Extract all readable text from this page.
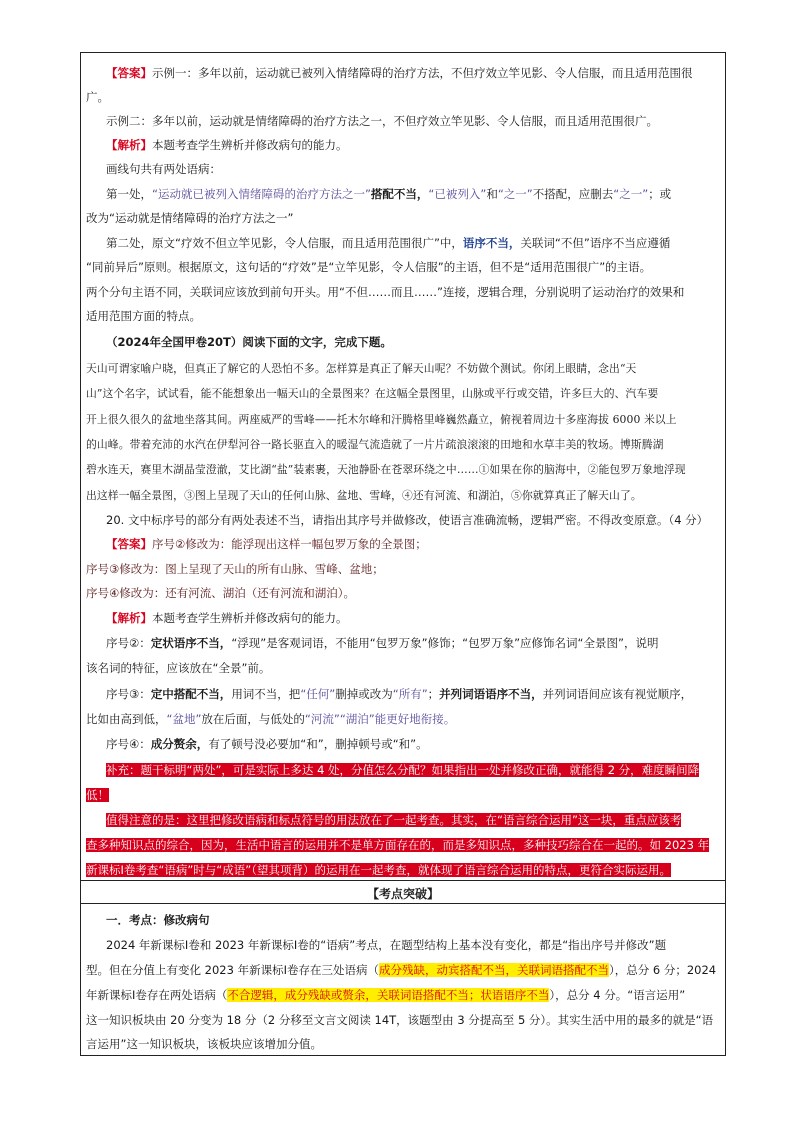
【答案】示例一：多年以前，运动就已被列入情绪障碍的治疗方法，不但疗效立竿见影、令人信服，而且适用范围很
广。
示例二：多年以前，运动就是情绪障碍的治疗方法之一，不但疗效立竿见影、令人信服，而且适用范围很广。
【解析】本题考查学生辨析并修改病句的能力。
画线句共有两处语病：
第一处，“运动就已被列入情绪障碍的治疗方法之一”搭配不当，“已被列入”和“之一”不搭配，应删去“之一”；或
改为“运动就是情绪障碍的治疗方法之一”
第二处，原文“疗效不但立竿见影，令人信服，而且适用范围很广”中，语序不当，关联词“不但”语序不当应遵循
“同前异后”原则。根据原文，这句话的“疗效”是“立竿见影，令人信服”的主语，但不是“适用范围很广”的主语。
两个分句主语不同，关联词应该放到前句开头。用“不但……而且……”连接，逻辑合理，分别说明了运动治疗的效果和
适用范围方面的特点。
（2024年全国甲卷20T）阅读下面的文字，完成下题。
天山可谓家喻户晓，但真正了解它的人恐怕不多。怎样算是真正了解天山呢？不妨做个测试。你闭上眼睛，念出“天
山”这个名字，试试看，能不能想象出一幅天山的全景图来？在这幅全景图里，山脉或平行或交错，许多巨大的、汽车要
开上很久很久的盆地坐落其间。两座威严的雪峰——托木尔峰和汗腾格里峰巍然矗立，俯视着周边十多座海拔 6000 米以上
的山峰。带着充沛的水汽在伊犁河谷一路长驱直入的暖湿气流造就了一片片疏浪滚滚的田地和水草丰美的牧场。博斯腾湖
碧水连天，赛里木湖晶莹澄澈，艾比湖“盐”装素裹，天池静卧在苍翠环绕之中……①如果在你的脑海中，②能包罗万象地浮现
出这样一幅全景图，③图上呈现了天山的任何山脉、盆地、雪峰，④还有河流、和湖泊，⑤你就算真正了解天山了。
20. 文中标序号的部分有两处表述不当，请指出其序号并做修改，使语言准确流畅，逻辑严密。不得改变原意。（4 分）
【答案】序号②修改为：能浮现出这样一幅包罗万象的全景图；
序号③修改为：图上呈现了天山的所有山脉、雪峰、盆地；
序号④修改为：还有河流、湖泊（还有河流和湖泊）。
【解析】本题考查学生辨析并修改病句的能力。
序号②：定状语序不当，“浮现”是客观词语，不能用“包罗万象”修饰；“包罗万象”应修饰名词“全景图”，说明
该名词的特征，应该放在“全景”前。
序号③：定中搭配不当，用词不当，把“任何”删掉或改为“所有”；并列词语语序不当，并列词语间应该有视觉顺序，
比如由高到低，“盆地”放在后面，与低处的“河流”“湖泊”能更好地衔接。
序号④：成分赘余，有了顿号没必要加“和”，删掉顿号或“和”。
补充：题干标明“两处”，可是实际上多达 4 处，分值怎么分配？如果指出一处并修改正确，就能得 2 分，难度瞬间降
低！
值得注意的是：这里把修改语病和标点符号的用法放在了一起考查。其实，在“语言综合运用”这一块，重点应该考
查多种知识点的综合，因为，生活中语言的运用并不是单方面存在的，而是多知识点，多种技巧综合在一起的。如 2023 年
新课标Ⅰ卷考查“语病”时与“成语”（望其项背）的运用在一起考查，就体现了语言综合运用的特点，更符合实际运用。
【考点突破】
一．考点：修改病句
2024 年新课标Ⅰ卷和 2023 年新课标Ⅰ卷的“语病”考点，在题型结构上基本没有变化，都是“指出序号并修改”题
型。但在分值上有变化 2023 年新课标Ⅰ卷存在三处语病（成分残缺，动宾搭配不当，关联词语搭配不当），总分 6 分；2024
年新课标Ⅰ卷存在两处语病（不合逻辑，成分残缺或赘余，关联词语搭配不当；状语语序不当），总分 4 分。“语言运用”
这一知识板块由 20 分变为 18 分（2 分移至文言文阅读 14T，该题型由 3 分提高至 5 分）。其实生活中用的最多的就是“语
言运用”这一知识板块，该板块应该增加分值。
